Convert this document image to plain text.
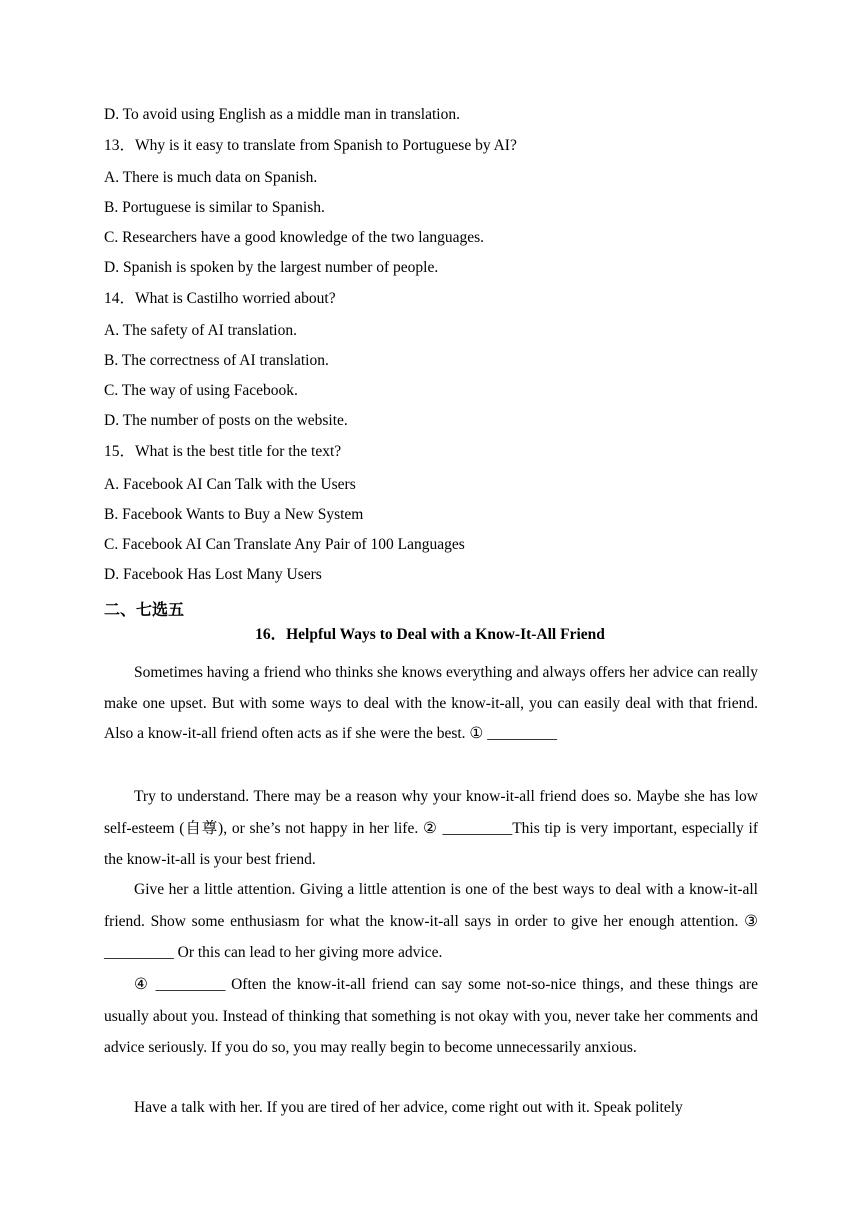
D. To avoid using English as a middle man in translation.
13．Why is it easy to translate from Spanish to Portuguese by AI?
A. There is much data on Spanish.
B. Portuguese is similar to Spanish.
C. Researchers have a good knowledge of the two languages.
D. Spanish is spoken by the largest number of people.
14．What is Castilho worried about?
A. The safety of AI translation.
B. The correctness of AI translation.
C. The way of using Facebook.
D. The number of posts on the website.
15．What is the best title for the text?
A. Facebook AI Can Talk with the Users
B. Facebook Wants to Buy a New System
C. Facebook AI Can Translate Any Pair of 100 Languages
D. Facebook Has Lost Many Users
二、七选五
16．Helpful Ways to Deal with a Know-It-All Friend

Sometimes having a friend who thinks she knows everything and always offers her advice can really make one upset. But with some ways to deal with the know-it-all, you can easily deal with that friend. Also a know-it-all friend often acts as if she were the best. ① _________

Try to understand. There may be a reason why your know-it-all friend does so. Maybe she has low self-esteem (自尊), or she’s not happy in her life. ② _________This tip is very important, especially if the know-it-all is your best friend.

Give her a little attention. Giving a little attention is one of the best ways to deal with a know-it-all friend. Show some enthusiasm for what the know-it-all says in order to give her enough attention. ③ _________ Or this can lead to her giving more advice.

④ _________ Often the know-it-all friend can say some not-so-nice things, and these things are usually about you. Instead of thinking that something is not okay with you, never take her comments and advice seriously. If you do so, you may really begin to become unnecessarily anxious.

Have a talk with her. If you are tired of her advice, come right out with it. Speak politely
